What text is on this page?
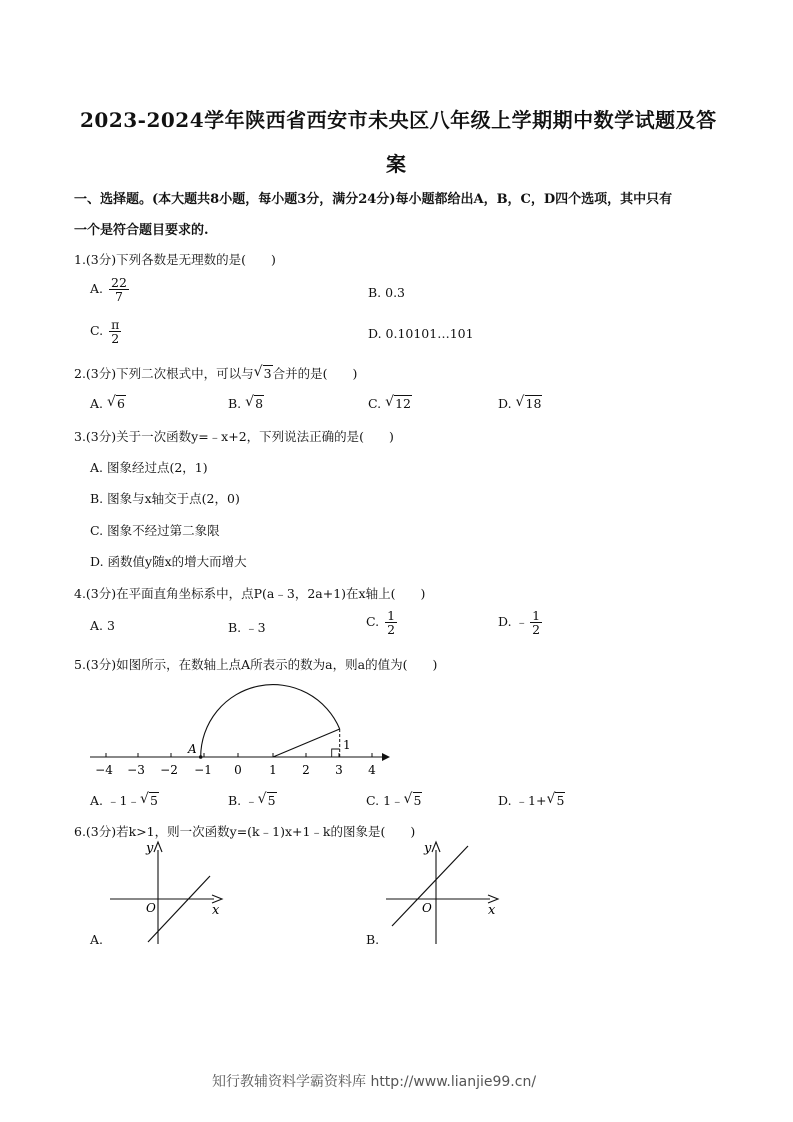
2023-2024学年陕西省西安市未央区八年级上学期期中数学试题及答
案
一、选择题。(本大题共8小题，每小题3分，满分24分)每小题都给出A，B，C，D四个选项，其中只有
一个是符合题目要求的.
1.(3分)下列各数是无理数的是(　　)
A. $\frac{22}{7}$	B. 0.3
C. $\frac{\pi}{2}$	D. 0.10101…101
2.(3分)下列二次根式中，可以与 √ 3合并的是(　　)
A. √ 6	B. √ 8	C. √ 12	D. √ 18
3.(3分)关于一次函数y=﹣x+2，下列说法正确的是(　　)
A. 图象经过点(2，1)
B. 图象与x轴交于点(2，0)
C. 图象不经过第二象限
D. 函数值y随x的增大而增大
4.(3分)在平面直角坐标系中，点P(a﹣3，2a+1)在x轴上(　　)
A. 3	B. ﹣3	C. $\frac{1}{2}$	D. ﹣ $\frac{1}{2}$
5.(3分)如图所示，在数轴上点A所表示的数为a，则a的值为(　　)
A	1
−4 −3 −2 −1 0 1 2 3 4
A. ﹣1﹣ √ 5	B. ﹣ √ 5	C. 1﹣ √ 5	D. ﹣1+ √ 5
6.(3分)若k>1，则一次函数y=(k﹣1)x+1﹣k的图象是(　　)
y
x
O
A.
y
x
O
B.
知行教辅资料学霸资料库 http://www.lianjie99.cn/
